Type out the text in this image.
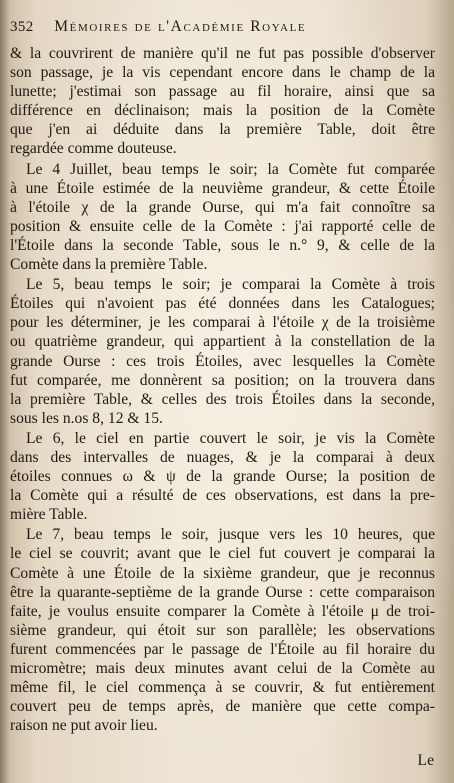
352 Mémoires de l'Académie Royale
& la couvrirent de manière qu'il ne fut pas possible d'observer
son passage, je la vis cependant encore dans le champ de la
lunette; j'estimai son passage au fil horaire, ainsi que sa
différence en déclinaison; mais la position de la Comète
que j'en ai déduite dans la première Table, doit être
regardée comme douteuse.
Le 4 Juillet, beau temps le soir; la Comète fut comparée
à une Étoile estimée de la neuvième grandeur, & cette Étoile
à l'étoile χ de la grande Ourse, qui m'a fait connoître sa
position & ensuite celle de la Comète : j'ai rapporté celle de
l'Étoile dans la seconde Table, sous le n.° 9, & celle de la
Comète dans la première Table.
Le 5, beau temps le soir; je comparai la Comète à trois
Étoiles qui n'avoient pas été données dans les Catalogues;
pour les déterminer, je les comparai à l'étoile χ de la troisième
ou quatrième grandeur, qui appartient à la constellation de la
grande Ourse : ces trois Étoiles, avec lesquelles la Comète
fut comparée, me donnèrent sa position; on la trouvera dans
la première Table, & celles des trois Étoiles dans la seconde,
sous les n.os 8, 12 & 15.
Le 6, le ciel en partie couvert le soir, je vis la Comète
dans des intervalles de nuages, & je la comparai à deux
étoiles connues ω & ψ de la grande Ourse; la position de
la Comète qui a résulté de ces observations, est dans la pre-
mière Table.
Le 7, beau temps le soir, jusque vers les 10 heures, que
le ciel se couvrit; avant que le ciel fut couvert je comparai la
Comète à une Étoile de la sixième grandeur, que je reconnus
être la quarante-septième de la grande Ourse : cette comparaison
faite, je voulus ensuite comparer la Comète à l'étoile μ de troi-
sième grandeur, qui étoit sur son parallèle; les observations
furent commencées par le passage de l'Étoile au fil horaire du
micromètre; mais deux minutes avant celui de la Comète au
même fil, le ciel commença à se couvrir, & fut entièrement
couvert peu de temps après, de manière que cette compa-
raison ne put avoir lieu.
Le
